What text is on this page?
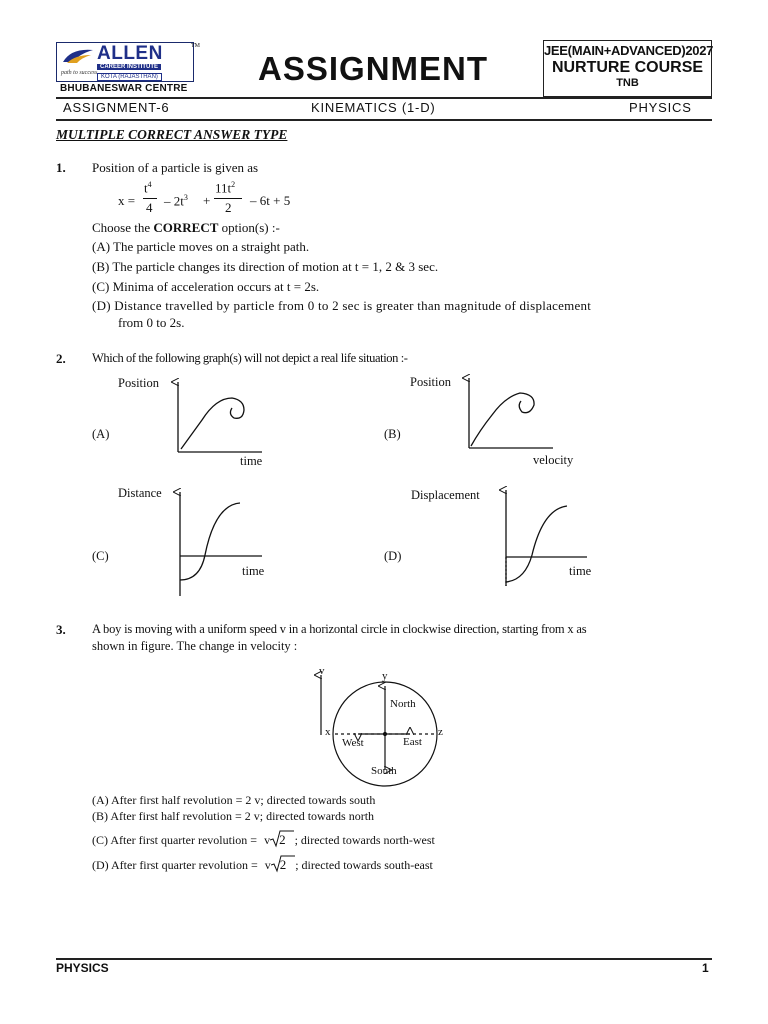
ALLEN	TM
CAREER INSTITUTE
KOTA (RAJASTHAN)
path to success
BHUBANESWAR CENTRE
ASSIGNMENT	JEE(MAIN+ADVANCED)2027
NURTURE COURSE
TNB
ASSIGNMENT-6	KINEMATICS (1-D)	PHYSICS
MULTIPLE CORRECT ANSWER TYPE
1. Position of a particle is given as
x =
$t^4$
$4 - 2t^3$ +
$11t^2$
2 – 6t + 5
Choose the CORRECT option(s) :-
(A) The particle moves on a straight path.
(B) The particle changes its direction of motion at t = 1, 2 & 3 sec.
(C) Minima of acceleration occurs at t = 2s.
(D) Distance travelled by particle from 0 to 2 sec is greater than magnitude of displacement
from 0 to 2s.
2. Which of the following graph(s) will not depict a real life situation :-
(A)
Position
time
(B)
Position
velocity
(C)
Distance
time
(D)
Displacement
time
v	y
x	z
North
South
East
West
3. A boy is moving with a uniform speed v in a horizontal circle in clockwise direction, starting from x as
shown in figure. The change in velocity :
(A) After first half revolution = 2 v; directed towards south
(B) After first half revolution = 2 v; directed towards north
(C) After first quarter revolution = v 2 ; directed towards north-west
(D) After first quarter revolution = v 2 ; directed towards south-east
PHYSICS	1
